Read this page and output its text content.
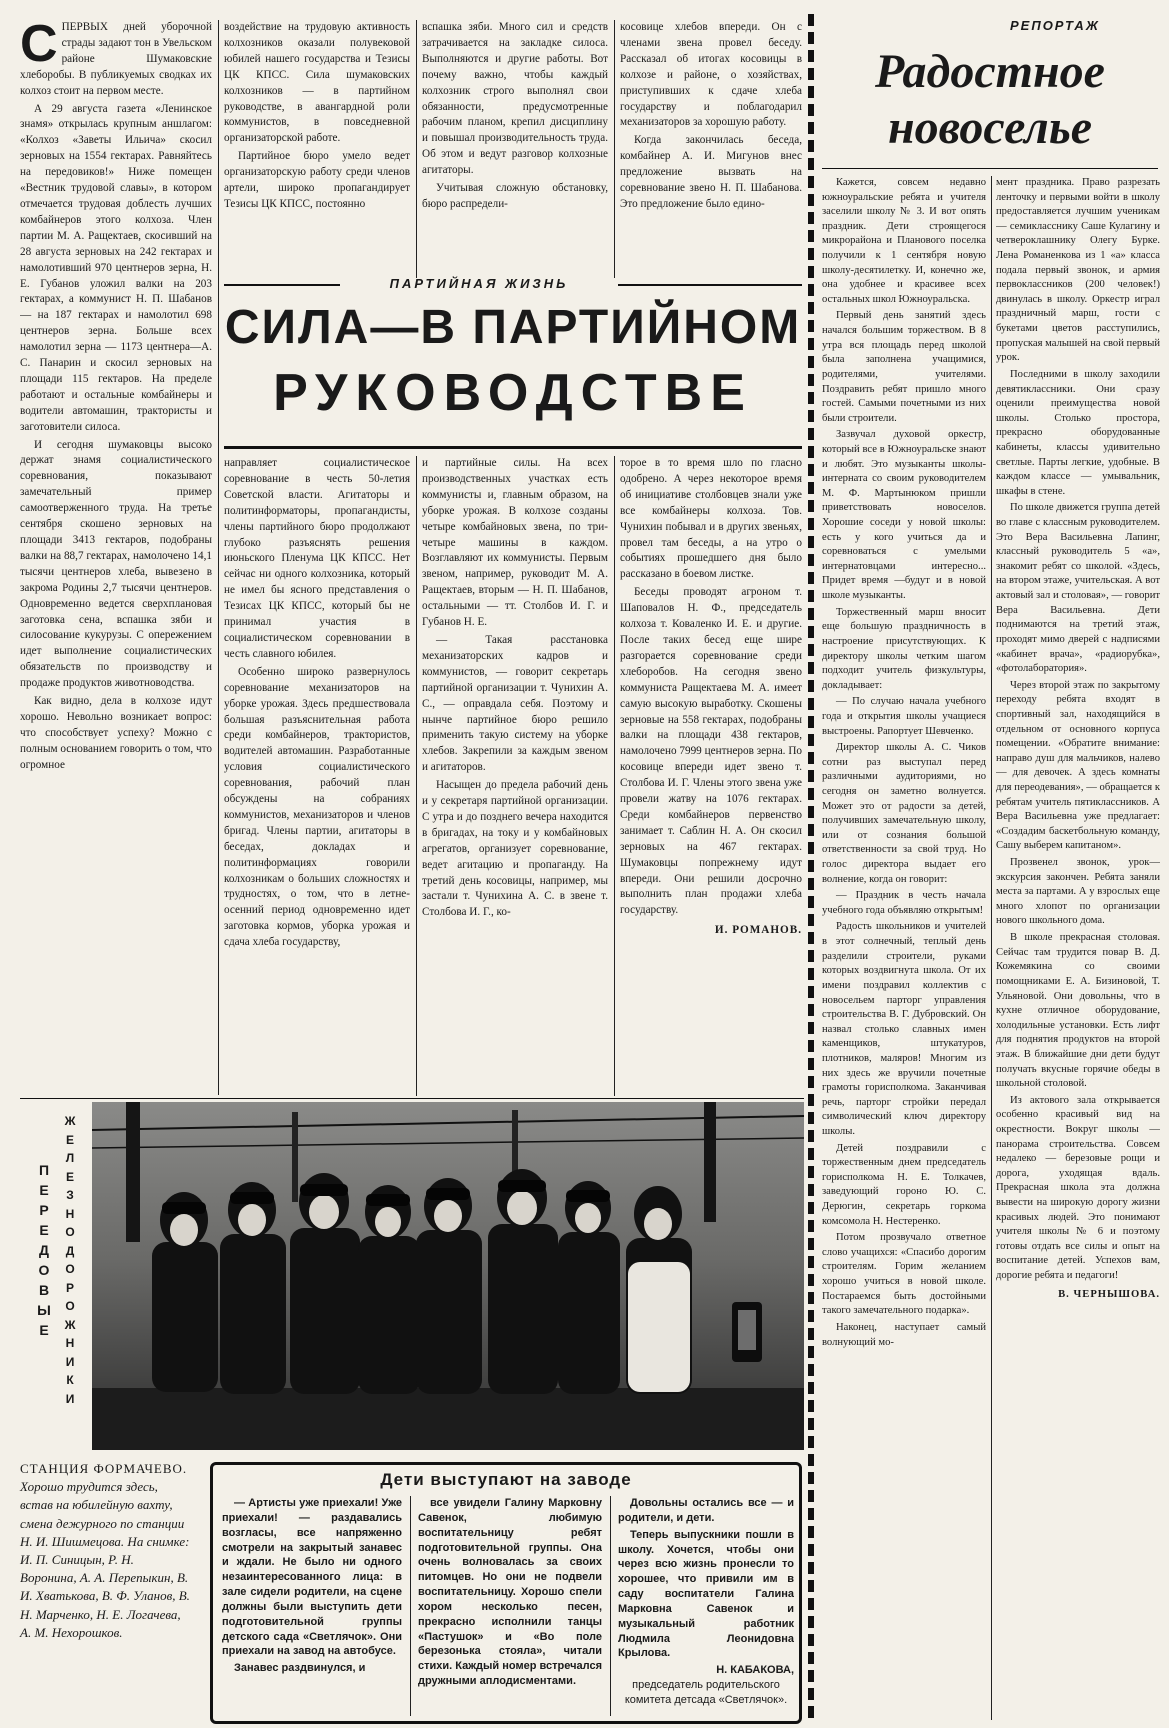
СПЕРВЫХ дней уборочной страды задают тон в Увельском районе Шумаковские хлеборобы. В публикуемых сводках их колхоз стоит на первом месте.

А 29 августа газета «Ленинское знамя» открылась крупным аншлагом: «Колхоз «Заветы Ильича» скосил зерновых на 1554 гектарах. Равняйтесь на передовиков!» Ниже помещен «Вестник трудовой славы», в котором отмечается трудовая доблесть лучших комбайнеров этого колхоза. Член партии М. А. Ращектаев, скосивший на 28 августа зерновых на 242 гектарах и намолотивший 970 центнеров зерна, Н. Е. Губанов уложил валки на 203 гектарах, а коммунист Н. П. Шабанов — на 187 гектарах и намолотил 698 центнеров зерна. Больше всех намолотил зерна — 1173 центнера—А. С. Панарин и скосил зерновых на площади 115 гектаров. На пределе работают и остальные комбайнеры и водители автомашин, трактористы и заготовители силоса.

И сегодня шумаковцы высоко держат знамя социалистического соревнования, показывают замечательный пример самоотверженного труда. На третье сентября скошено зерновых на площади 3413 гектаров, подобраны валки на 88,7 гектарах, намолочено 14,1 тысячи центнеров хлеба, вывезено в закрома Родины 2,7 тысячи центнеров. Одновременно ведется сверхплановая заготовка сена, вспашка зяби и силосование кукурузы. С опережением идет выполнение социалистических обязательств по производству и продаже продуктов животноводства.

Как видно, дела в колхозе идут хорошо. Невольно возникает вопрос: что способствует успеху? Можно с полным основанием говорить о том, что огромное

воздействие на трудовую активность колхозников оказали полувековой юбилей нашего государства и Тезисы ЦК КПСС. Сила шумаковских колхозников — в партийном руководстве, в авангардной роли коммунистов, в повседневной организаторской работе.

Партийное бюро умело ведет организаторскую работу среди членов артели, широко пропагандирует Тезисы ЦК КПСС, постоянно

вспашка зяби. Много сил и средств затрачивается на закладке силоса. Выполняются и другие работы. Вот почему важно, чтобы каждый колхозник строго выполнял свои обязанности, предусмотренные рабочим планом, крепил дисциплину и повышал производительность труда. Об этом и ведут разговор колхозные агитаторы.

Учитывая сложную обстановку, бюро распредели-

косовице хлебов впереди. Он с членами звена провел беседу. Рассказал об итогах косовицы в колхозе и районе, о хозяйствах, приступивших к сдаче хлеба государству и поблагодарил механизаторов за хорошую работу.

Когда закончилась беседа, комбайнер А. И. Мигунов внес предложение вызвать на соревнование звено Н. П. Шабанова. Это предложение было едино-

ПАРТИЙНАЯ ЖИЗНЬ
СИЛА—В ПАРТИЙНОМ
РУКОВОДСТВЕ

направляет социалистическое соревнование в честь 50-летия Советской власти. Агитаторы и политинформаторы, пропагандисты, члены партийного бюро продолжают глубоко разъяснять решения июньского Пленума ЦК КПСС. Нет сейчас ни одного колхозника, который не имел бы ясного представления о Тезисах ЦК КПСС, который бы не принимал участия в социалистическом соревновании в честь славного юбилея.

Особенно широко развернулось соревнование механизаторов на уборке урожая. Здесь предшествовала большая разъяснительная работа среди комбайнеров, трактористов, водителей автомашин. Разработанные условия социалистического соревнования, рабочий план обсуждены на собраниях коммунистов, механизаторов и членов бригад. Члены партии, агитаторы в беседах, докладах и политинформациях говорили колхозникам о больших сложностях и трудностях, о том, что в летне-осенний период одновременно идет заготовка кормов, уборка урожая и сдача хлеба государству,

и партийные силы. На всех производственных участках есть коммунисты и, главным образом, на уборке урожая. В колхозе созданы четыре комбайновых звена, по три-четыре машины в каждом. Возглавляют их коммунисты. Первым звеном, например, руководит М. А. Ращектаев, вторым — Н. П. Шабанов, остальными — тт. Столбов И. Г. и Губанов Н. Е.

— Такая расстановка механизаторских кадров и коммунистов, — говорит секретарь партийной организации т. Чунихин А. С., — оправдала себя. Поэтому и нынче партийное бюро решило применить такую систему на уборке хлебов. Закрепили за каждым звеном и агитаторов.

Насыщен до предела рабочий день и у секретаря партийной организации. С утра и до позднего вечера находится в бригадах, на току и у комбайновых агрегатов, организует соревнование, ведет агитацию и пропаганду. На третий день косовицы, например, мы застали т. Чунихина А. С. в звене т. Столбова И. Г., ко-

торое в то время шло по гласно одобрено. А через некоторое время об инициативе столбовцев знали уже все комбайнеры колхоза. Тов. Чунихин побывал и в других звеньях, провел там беседы, а на утро о событиях прошедшего дня было рассказано в боевом листке.

Беседы проводят агроном т. Шаповалов Н. Ф., председатель колхоза т. Коваленко И. Е. и другие. После таких бесед еще шире разгорается соревнование среди хлеборобов. На сегодня звено коммуниста Ращектаева М. А. имеет самую высокую выработку. Скошены зерновые на 558 гектарах, подобраны валки на площади 438 гектаров, намолочено 7999 центнеров зерна. По косовице впереди идет звено т. Столбова И. Г. Члены этого звена уже провели жатву на 1076 гектарах. Среди комбайнеров первенство занимает т. Саблин Н. А. Он скосил зерновых на 467 гектарах. Шумаковцы попрежнему идут впереди. Они решили досрочно выполнить план продажи хлеба государству.

И. РОМАНОВ.
РЕПОРТАЖ
Радостное
новоселье

Кажется, совсем недавно южноуральские ребята и учителя заселили школу № 3. И вот опять праздник. Дети строящегося микрорайона и Планового поселка получили к 1 сентября новую школу-десятилетку. И, конечно же, она удобнее и красивее всех остальных школ Южноуральска.

Первый день занятий здесь начался большим торжеством. В 8 утра вся площадь перед школой была заполнена учащимися, родителями, учителями. Поздравить ребят пришло много гостей. Самыми почетными из них были строители.

Зазвучал духовой оркестр, который все в Южноуральске знают и любят. Это музыканты школы-интерната со своим руководителем М. Ф. Мартынюком пришли приветствовать новоселов. Хорошие соседи у новой школы: есть у кого учиться да и соревноваться с умелыми интернатовцами интересно... Придет время —будут и в новой школе музыканты.

Торжественный марш вносит еще большую праздничность в настроение присутствующих. К директору школы четким шагом подходит учитель физкультуры, докладывает:

— По случаю начала учебного года и открытия школы учащиеся выстроены. Рапортует Шевченко.

Директор школы А. С. Чиков сотни раз выступал перед различными аудиториями, но сегодня он заметно волнуется. Может это от радости за детей, получивших замечательную школу, или от сознания большой ответственности за свой труд. Но голос директора выдает его волнение, когда он говорит:

— Праздник в честь начала учебного года объявляю открытым!

Радость школьников и учителей в этот солнечный, теплый день разделили строители, руками которых воздвигнута школа. От их имени поздравил коллектив с новосельем парторг управления строительства В. Г. Дубровский. Он назвал столько славных имен каменщиков, штукатуров, плотников, маляров! Многим из них здесь же вручили почетные грамоты горисполкома. Заканчивая речь, парторг стройки передал символический ключ директору школы.

Детей поздравили с торжественным днем председатель горисполкома Н. Е. Толкачев, заведующий гороно Ю. С. Дерюгин, секретарь горкома комсомола Н. Нестеренко.

Потом прозвучало ответное слово учащихся: «Спасибо дорогим строителям. Горим желанием хорошо учиться в новой школе. Постараемся быть достойными такого замечательного подарка».

Наконец, наступает самый волнующий мо-

мент праздника. Право разрезать ленточку и первыми войти в школу предоставляется лучшим ученикам — семикласснику Саше Кулагину и четвероклашнику Олегу Бурке. Лена Романенкова из 1 «а» класса подала первый звонок, и армия первоклассников (200 человек!) двинулась в школу. Оркестр играл праздничный марш, гости с букетами цветов расступились, пропуская малышей на свой первый урок.

Последними в школу заходили девятиклассники. Они сразу оценили преимущества новой школы. Столько простора, прекрасно оборудованные кабинеты, классы удивительно светлые. Парты легкие, удобные. В каждом классе — умывальник, шкафы в стене.

По школе движется группа детей во главе с классным руководителем. Это Вера Васильевна Лапинг, классный руководитель 5 «а», знакомит ребят со школой. «Здесь, на втором этаже, учительская. А вот актовый зал и столовая», — говорит Вера Васильевна. Дети поднимаются на третий этаж, проходят мимо дверей с надписями «кабинет врача», «радиорубка», «фотолаборатория».

Через второй этаж по закрытому переходу ребята входят в спортивный зал, находящийся в отдельном от основного корпуса помещении. «Обратите внимание: направо душ для мальчиков, налево — для девочек. А здесь комнаты для переодевания», — обращается к ребятам учитель пятиклассников. А Вера Васильевна уже предлагает: «Создадим баскетбольную команду, Сашу выберем капитаном».

Прозвенел звонок, урок—экскурсия закончен. Ребята заняли места за партами. А у взрослых еще много хлопот по организации нового школьного дома.

В школе прекрасная столовая. Сейчас там трудится повар В. Д. Кожемякина со своими помощниками Е. А. Бизиновой, Т. Ульяновой. Они довольны, что в кухне отличное оборудование, холодильные установки. Есть лифт для поднятия продуктов на второй этаж. В ближайшие дни дети будут получать вкусные горячие обеды в школьной столовой.

Из актового зала открывается особенно красивый вид на окрестности. Вокруг школы — панорама строительства. Совсем недалеко — березовые рощи и дорога, уходящая вдаль. Прекрасная школа эта должна вывести на широкую дорогу жизни красивых людей. Это понимают учителя школы № 6 и поэтому готовы отдать все силы и опыт на воспитание детей. Успехов вам, дорогие ребята и педагоги!

В. ЧЕРНЫШОВА.
П
Е
Р
Е
Д
О
В
Ы
Е
Ж
Е
Л
Е
З
Н
О
Д
О
Р
О
Ж
Н
И
К
И
СТАНЦИЯ ФОРМАЧЕВО. Хорошо трудится здесь, встав на юбилейную вахту, смена дежурного по станции Н. И. Шишмецова. На снимке: И. П. Синицын, Р. Н. Воронина, А. А. Перепыкин, В. И. Хватькова, В. Ф. Уланов, В. Н. Марченко, Н. Е. Логачева, А. М. Нехорошков.
Дети выступают на заводе

— Артисты уже приехали! Уже приехали! — раздавались возгласы, все напряженно смотрели на закрытый занавес и ждали. Не было ни одного незаинтересованного лица: в зале сидели родители, на сцене должны были выступить дети подготовительной группы детского сада «Светлячок». Они приехали на завод на автобусе.

Занавес раздвинулся, и

все увидели Галину Марковну Савенок, любимую воспитательницу ребят подготовительной группы. Она очень волновалась за своих питомцев. Но они не подвели воспитательницу. Хорошо спели хором несколько песен, прекрасно исполнили танцы «Пастушок» и «Во поле березонька стояла», читали стихи. Каждый номер встречался дружными аплодисментами.

Довольны остались все — и родители, и дети.

Теперь выпускники пошли в школу. Хочется, чтобы они через всю жизнь пронесли то хорошее, что привили им в саду воспитатели Галина Марковна Савенок и музыкальный работник Людмила Леонидовна Крылова.

Н. КАБАКОВА,
председатель родительского комитета детсада «Светлячок».
